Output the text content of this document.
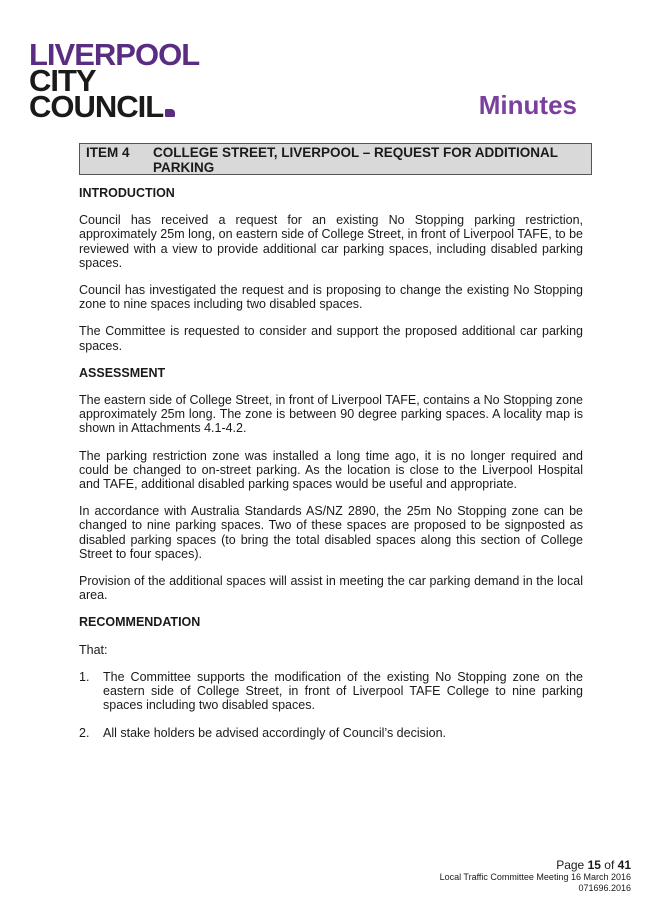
LIVERPOOL
CITY
COUNCIL	Minutes
ITEM 4 COLLEGE STREET, LIVERPOOL – REQUEST FOR ADDITIONAL PARKING
INTRODUCTION

Council has received a request for an existing No Stopping parking restriction, approximately 25m long, on eastern side of College Street, in front of Liverpool TAFE, to be reviewed with a view to provide additional car parking spaces, including disabled parking spaces.

Council has investigated the request and is proposing to change the existing No Stopping zone to nine spaces including two disabled spaces.

The Committee is requested to consider and support the proposed additional car parking spaces.

ASSESSMENT

The eastern side of College Street, in front of Liverpool TAFE, contains a No Stopping zone approximately 25m long. The zone is between 90 degree parking spaces. A locality map is shown in Attachments 4.1-4.2.

The parking restriction zone was installed a long time ago, it is no longer required and could be changed to on-street parking. As the location is close to the Liverpool Hospital and TAFE, additional disabled parking spaces would be useful and appropriate.

In accordance with Australia Standards AS/NZ 2890, the 25m No Stopping zone can be changed to nine parking spaces. Two of these spaces are proposed to be signposted as disabled parking spaces (to bring the total disabled spaces along this section of College Street to four spaces).

Provision of the additional spaces will assist in meeting the car parking demand in the local area.

RECOMMENDATION

That:

1. The Committee supports the modification of the existing No Stopping zone on the eastern side of College Street, in front of Liverpool TAFE College to nine parking spaces including two disabled spaces.
2. All stake holders be advised accordingly of Council’s decision.
Page 15 of 41
Local Traffic Committee Meeting 16 March 2016
071696.2016
